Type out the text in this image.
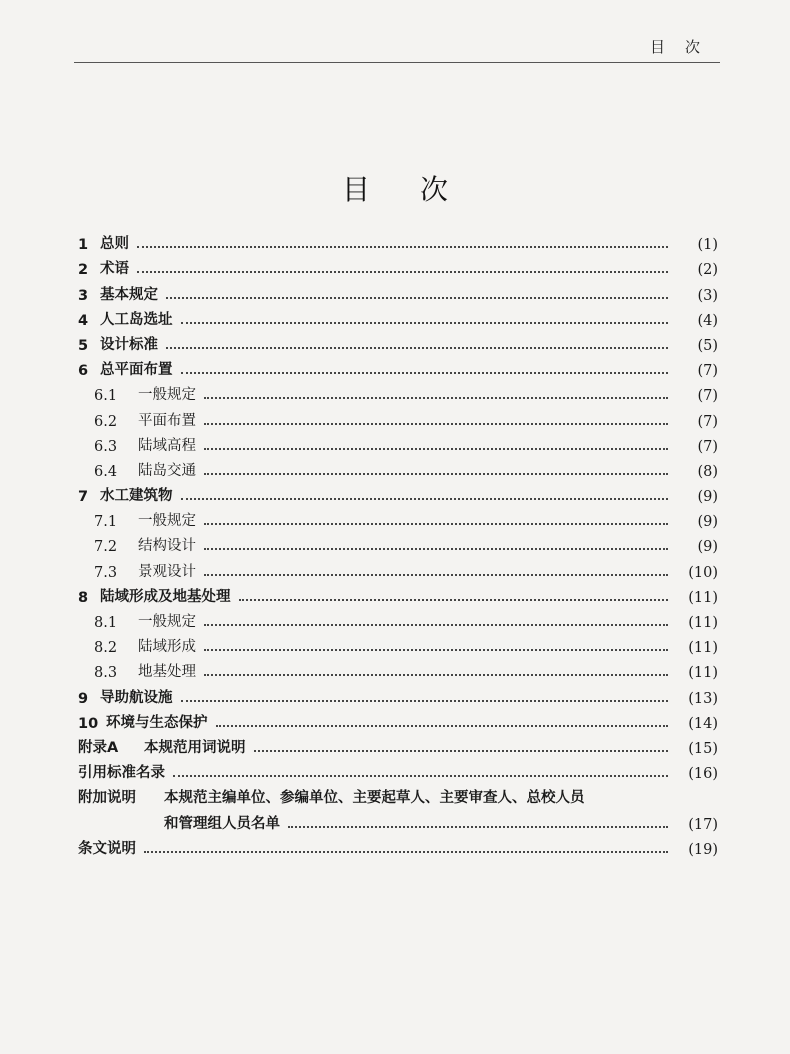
目次
目次
1 总则	(1)
2 术语	(2)
3 基本规定	(3)
4 人工岛选址	(4)
5 设计标准	(5)
6 总平面布置	(7)
6.1	一般规定	(7)
6.2	平面布置	(7)
6.3	陆域高程	(7)
6.4	陆岛交通	(8)
7 水工建筑物	(9)
7.1	一般规定	(9)
7.2	结构设计	(9)
7.3	景观设计	(10)
8 陆域形成及地基处理	(11)
8.1	一般规定	(11)
8.2	陆域形成	(11)
8.3	地基处理	(11)
9 导助航设施	(13)
10 环境与生态保护	(14)
附录A	本规范用词说明	(15)
引用标准名录	(16)
附加说明	本规范主编单位、参编单位、主要起草人、主要审查人、总校人员
和管理组人员名单	(17)
条文说明	(19)
